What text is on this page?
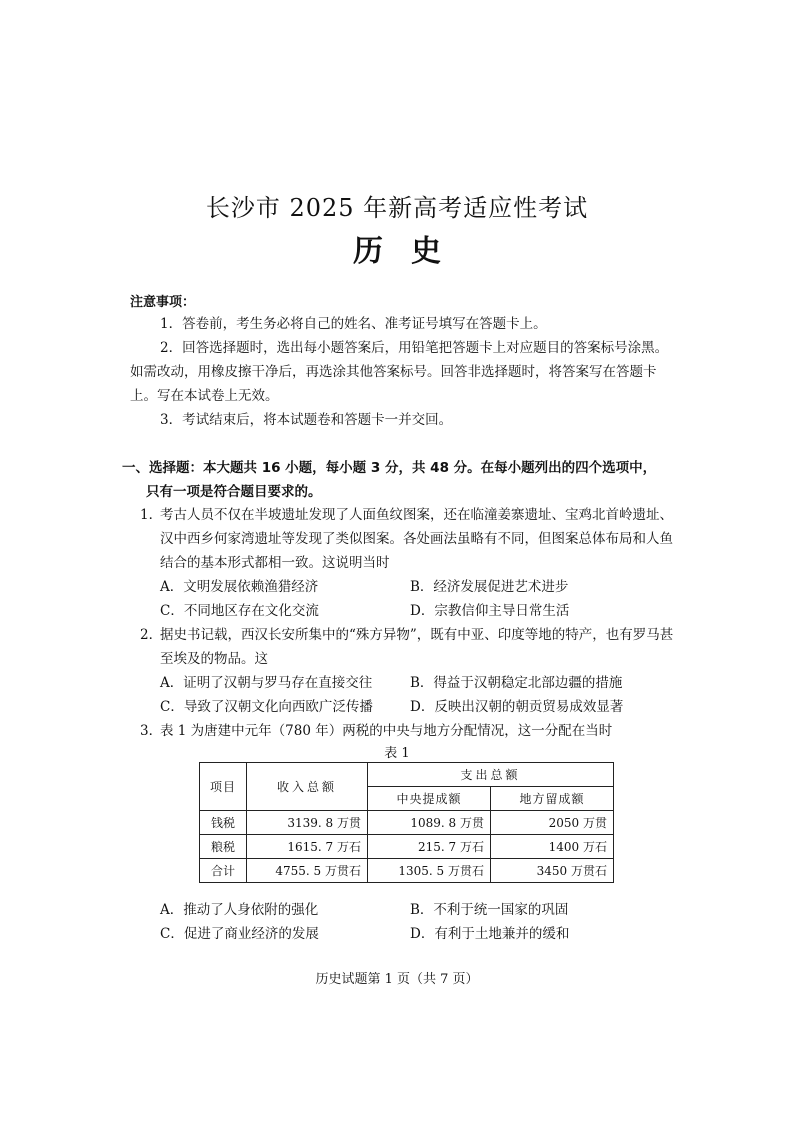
长沙市 2025 年新高考适应性考试
历史
注意事项：
1．答卷前，考生务必将自己的姓名、准考证号填写在答题卡上。
2．回答选择题时，选出每小题答案后，用铅笔把答题卡上对应题目的答案标号涂黑。如需改动，用橡皮擦干净后，再选涂其他答案标号。回答非选择题时，将答案写在答题卡上。写在本试卷上无效。
3．考试结束后，将本试题卷和答题卡一并交回。
一、选择题：本大题共 16 小题，每小题 3 分，共 48 分。在每小题列出的四个选项中，
只有一项是符合题目要求的。
1．
考古人员不仅在半坡遗址发现了人面鱼纹图案，还在临潼姜寨遗址、宝鸡北首岭遗址、汉中西乡何家湾遗址等发现了类似图案。各处画法虽略有不同，但图案总体布局和人鱼结合的基本形式都相一致。这说明当时
A．文明发展依赖渔猎经济	B．经济发展促进艺术进步 C．不同地区存在文化交流	D．宗教信仰主导日常生活
2．
据史书记载，西汉长安所集中的“殊方异物”，既有中亚、印度等地的特产，也有罗马甚至埃及的物品。这
A．证明了汉朝与罗马存在直接交往	B．得益于汉朝稳定北部边疆的措施 C．导致了汉朝文化向西欧广泛传播	D．反映出汉朝的朝贡贸易成效显著
3．
表 1 为唐建中元年（780 年）两税的中央与地方分配情况，这一分配在当时
表 1
项目	收入总额	支出总额	
		中央提成额	地方留成额
钱税	3139. 8 万贯	1089. 8 万贯	2050 万贯
粮税	1615. 7 万石	215. 7 万石	1400 万石
合计	4755. 5 万贯石	1305. 5 万贯石	3450 万贯石
A．推动了人身依附的强化	B．不利于统一国家的巩固 C．促进了商业经济的发展	D．有利于土地兼并的缓和
历史试题第 1 页（共 7 页）
